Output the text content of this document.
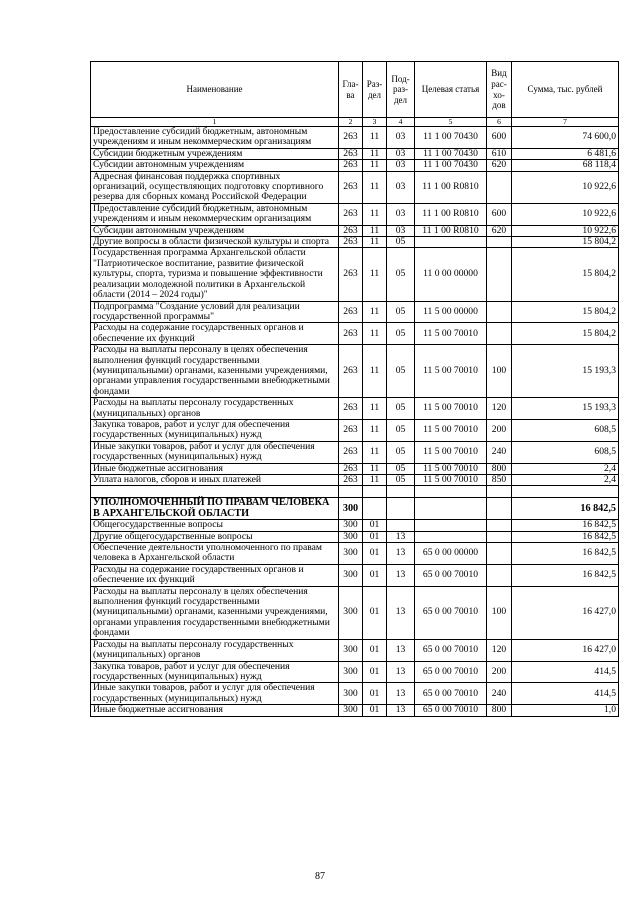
Наименование	Гла-ва	Раз-дел	Под-раз-дел	Целевая статья	Вид рас-хо-дов	Сумма, тыс. рублей
1	2	3	4	5	6	7
Предоставление субсидий бюджетным, автономным учреждениям и иным некоммерческим организациям	263	11	03	11 1 00 70430	600	74 600,0
Субсидии бюджетным учреждениям	263	11	03	11 1 00 70430	610	6 481,6
Субсидии автономным учреждениям	263	11	03	11 1 00 70430	620	68 118,4
Адресная финансовая поддержка спортивных организаций, осуществляющих подготовку спортивного резерва для сборных команд Российской Федерации	263	11	03	11 1 00 R0810		10 922,6
Предоставление субсидий бюджетным, автономным учреждениям и иным некоммерческим организациям	263	11	03	11 1 00 R0810	600	10 922,6
Субсидии автономным учреждениям	263	11	03	11 1 00 R0810	620	10 922,6
Другие вопросы в области физической культуры и спорта	263	11	05			15 804,2
Государственная программа Архангельской области "Патриотическое воспитание, развитие физической культуры, спорта, туризма и повышение эффективности реализации молодежной политики в Архангельской области (2014 – 2024 годы)"	263	11	05	11 0 00 00000		15 804,2
Подпрограмма "Создание условий для реализации государственной программы"	263	11	05	11 5 00 00000		15 804,2
Расходы на содержание государственных органов и обеспечение их функций	263	11	05	11 5 00 70010		15 804,2
Расходы на выплаты персоналу в целях обеспечения выполнения функций государственными (муниципальными) органами, казенными учреждениями, органами управления государственными внебюджетными фондами	263	11	05	11 5 00 70010	100	15 193,3
Расходы на выплаты персоналу государственных (муниципальных) органов	263	11	05	11 5 00 70010	120	15 193,3
Закупка товаров, работ и услуг для обеспечения государственных (муниципальных) нужд	263	11	05	11 5 00 70010	200	608,5
Иные закупки товаров, работ и услуг для обеспечения государственных (муниципальных) нужд	263	11	05	11 5 00 70010	240	608,5
Иные бюджетные ассигнования	263	11	05	11 5 00 70010	800	2,4
Уплата налогов, сборов и иных платежей	263	11	05	11 5 00 70010	850	2,4

УПОЛНОМОЧЕННЫЙ ПО ПРАВАМ ЧЕЛОВЕКА В АРХАНГЕЛЬСКОЙ ОБЛАСТИ	300					16 842,5
Общегосударственные вопросы	300	01				16 842,5
Другие общегосударственные вопросы	300	01	13			16 842,5
Обеспечение деятельности уполномоченного по правам человека в Архангельской области	300	01	13	65 0 00 00000		16 842,5
Расходы на содержание государственных органов и обеспечение их функций	300	01	13	65 0 00 70010		16 842,5
Расходы на выплаты персоналу в целях обеспечения выполнения функций государственными (муниципальными) органами, казенными учреждениями, органами управления государственными внебюджетными фондами	300	01	13	65 0 00 70010	100	16 427,0
Расходы на выплаты персоналу государственных (муниципальных) органов	300	01	13	65 0 00 70010	120	16 427,0
Закупка товаров, работ и услуг для обеспечения государственных (муниципальных) нужд	300	01	13	65 0 00 70010	200	414,5
Иные закупки товаров, работ и услуг для обеспечения государственных (муниципальных) нужд	300	01	13	65 0 00 70010	240	414,5
Иные бюджетные ассигнования	300	01	13	65 0 00 70010	800	1,0
87
